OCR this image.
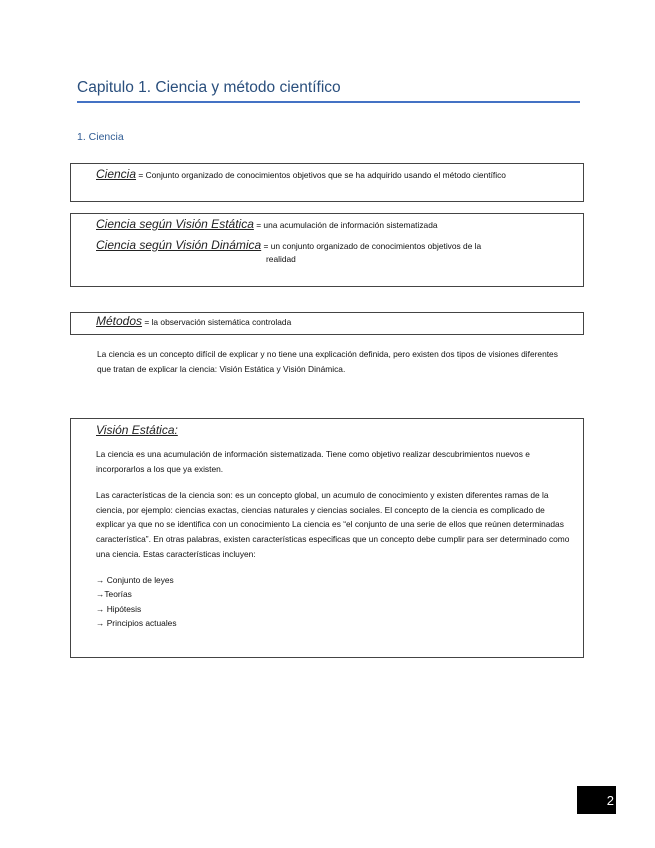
Capitulo 1. Ciencia y método científico
1. Ciencia
Ciencia = Conjunto organizado de conocimientos objetivos que se ha adquirido usando el método científico
Ciencia según Visión Estática = una acumulación de información sistematizada
Ciencia según Visión Dinámica = un conjunto organizado de conocimientos objetivos de la
realidad
Métodos = la observación sistemática controlada
La ciencia es un concepto difícil de explicar y no tiene una explicación definida, pero existen dos tipos de visiones diferentes que tratan de explicar la ciencia: Visión Estática y Visión Dinámica.
Visión Estática:

La ciencia es una acumulación de información sistematizada. Tiene como objetivo realizar descubrimientos nuevos e incorporarlos a los que ya existen.

Las características de la ciencia son: es un concepto global, un acumulo de conocimiento y existen diferentes ramas de la ciencia, por ejemplo: ciencias exactas, ciencias naturales y ciencias sociales. El concepto de la ciencia es complicado de explicar ya que no se identifica con un conocimiento La ciencia es “el conjunto de una serie de ellos que reúnen determinadas característica”. En otras palabras, existen características especificas que un concepto debe cumplir para ser determinado como una ciencia. Estas características incluyen:

→ Conjunto de leyes
→Teorías
→ Hipótesis
→ Principios actuales
2
